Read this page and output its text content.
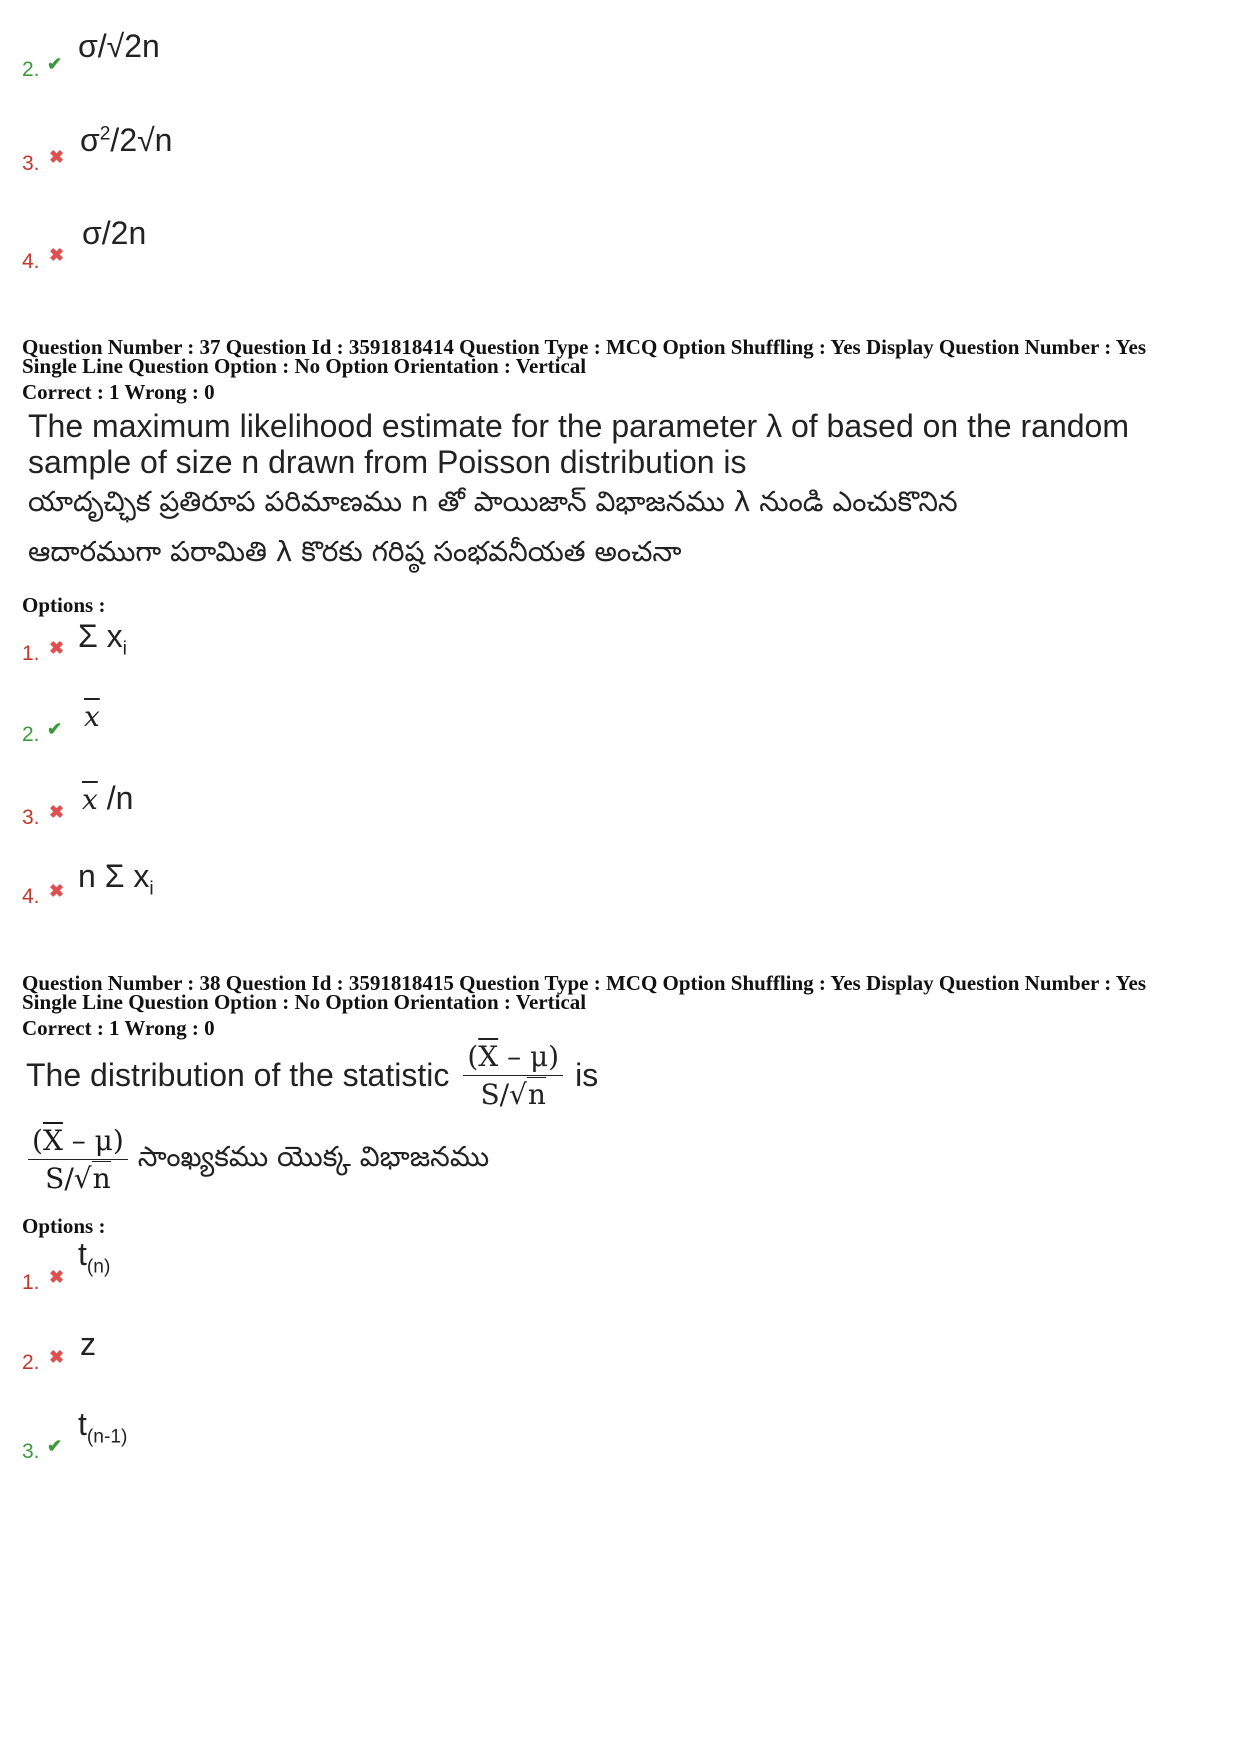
2. ✔ σ/√2n
3. ✖ $\sigma^2/2√n$
4. ✖
σ/2n
Question Number : 37 Question Id : 3591818414 Question Type : MCQ Option Shuffling : Yes Display Question Number : Yes
Single Line Question Option : No Option Orientation : Vertical
Correct : 1 Wrong : 0
The maximum likelihood estimate for the parameter λ of based on the random
sample of size n drawn from Poisson distribution is
యాదృచ్ఛిక ప్రతిరూప పరిమాణము n తో పాయిజాన్ విభాజనము λ నుండి ఎంచుకొనిన
ఆదారముగా పరామితి λ కొరకు గరిష్ఠ సంభవనీయత అంచనా
Options :
1. ✖ Σ $x_i$
2. ✔ $\overline{x}$
3. ✖ $\overline{x}$ /n
4. ✖ n Σ $x_i$
Question Number : 38 Question Id : 3591818415 Question Type : MCQ Option Shuffling : Yes Display Question Number : Yes
Single Line Question Option : No Option Orientation : Vertical
Correct : 1 Wrong : 0
The distribution of the statistic $\frac{(\overline{X} - \mu)}{S/√n}$ is
$\frac{(\overline{X} - \mu)}{S/√n}$ సాంఖ్యకము యొక్క విభాజనము
Options :
1. ✖
$t_{(n)}$
2. ✖ z
3. ✔
$t_{(n-1)}$
